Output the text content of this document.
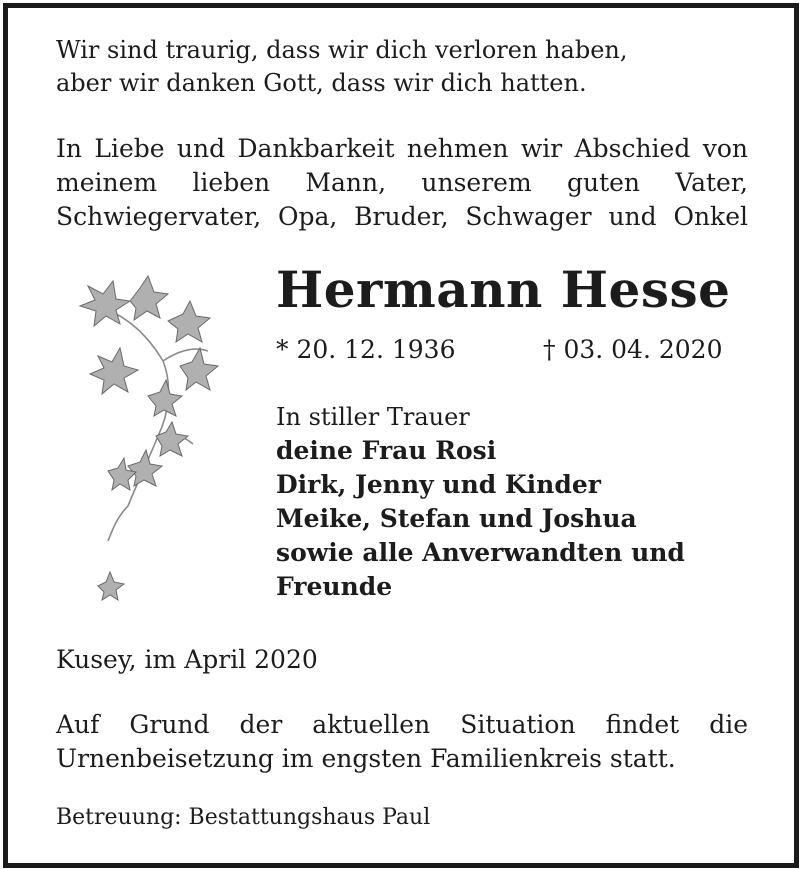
Wir sind traurig, dass wir dich verloren haben,

aber wir danken Gott, dass wir dich hatten.

In Liebe und Dankbarkeit nehmen wir Abschied von

meinem lieben Mann, unserem guten Vater,

Schwiegervater, Opa, Bruder, Schwager und Onkel

Hermann Hesse

* 20. 12. 1936	† 03. 04. 2020

In stiller Trauer

deine Frau Rosi

Dirk, Jenny und Kinder

Meike, Stefan und Joshua

sowie alle Anverwandten und

Freunde

Kusey, im April 2020

Auf Grund der aktuellen Situation findet die

Urnenbeisetzung im engsten Familienkreis statt.

Betreuung: Bestattungshaus Paul
